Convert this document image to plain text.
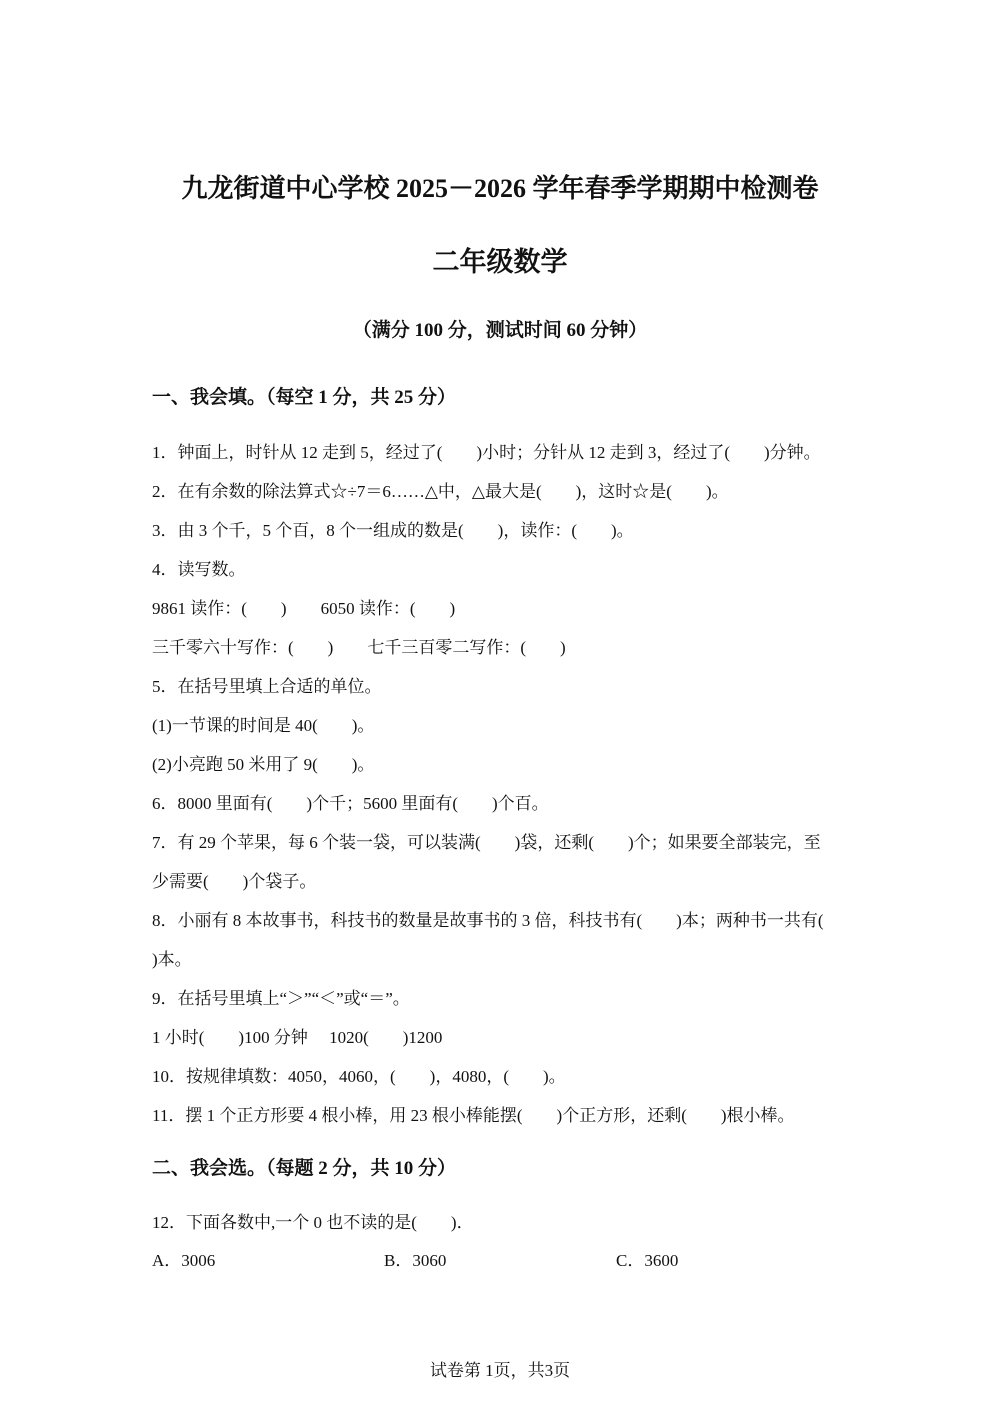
九龙街道中心学校 2025－2026 学年春季学期期中检测卷
二年级数学
（满分 100 分，测试时间 60 分钟）
一、我会填。（每空 1 分，共 25 分）
1．钟面上，时针从 12 走到 5，经过了(　　)小时；分针从 12 走到 3，经过了(　　)分钟。
2．在有余数的除法算式☆÷7＝6……△中，△最大是(　　)，这时☆是(　　)。
3．由 3 个千，5 个百，8 个一组成的数是(　　)，读作：(　　)。
4．读写数。
9861 读作：(　　)　　6050 读作：(　　)
三千零六十写作：(　　)　　七千三百零二写作：(　　)
5．在括号里填上合适的单位。
(1)一节课的时间是 40(　　)。
(2)小亮跑 50 米用了 9(　　)。
6．8000 里面有(　　)个千；5600 里面有(　　)个百。
7．有 29 个苹果，每 6 个装一袋，可以装满(　　)袋，还剩(　　)个；如果要全部装完，至
少需要(　　)个袋子。
8．小丽有 8 本故事书，科技书的数量是故事书的 3 倍，科技书有(　　)本；两种书一共有(
)本。
9．在括号里填上“＞”“＜”或“＝”。
1 小时(　　)100 分钟　 1020(　　)1200
10．按规律填数：4050，4060，(　　)，4080，(　　)。
11．摆 1 个正方形要 4 根小棒，用 23 根小棒能摆(　　)个正方形，还剩(　　)根小棒。
二、我会选。（每题 2 分，共 10 分）
12．下面各数中,一个 0 也不读的是(　　)．
A．3006	B．3060	C．3600
试卷第 1页，共3页
